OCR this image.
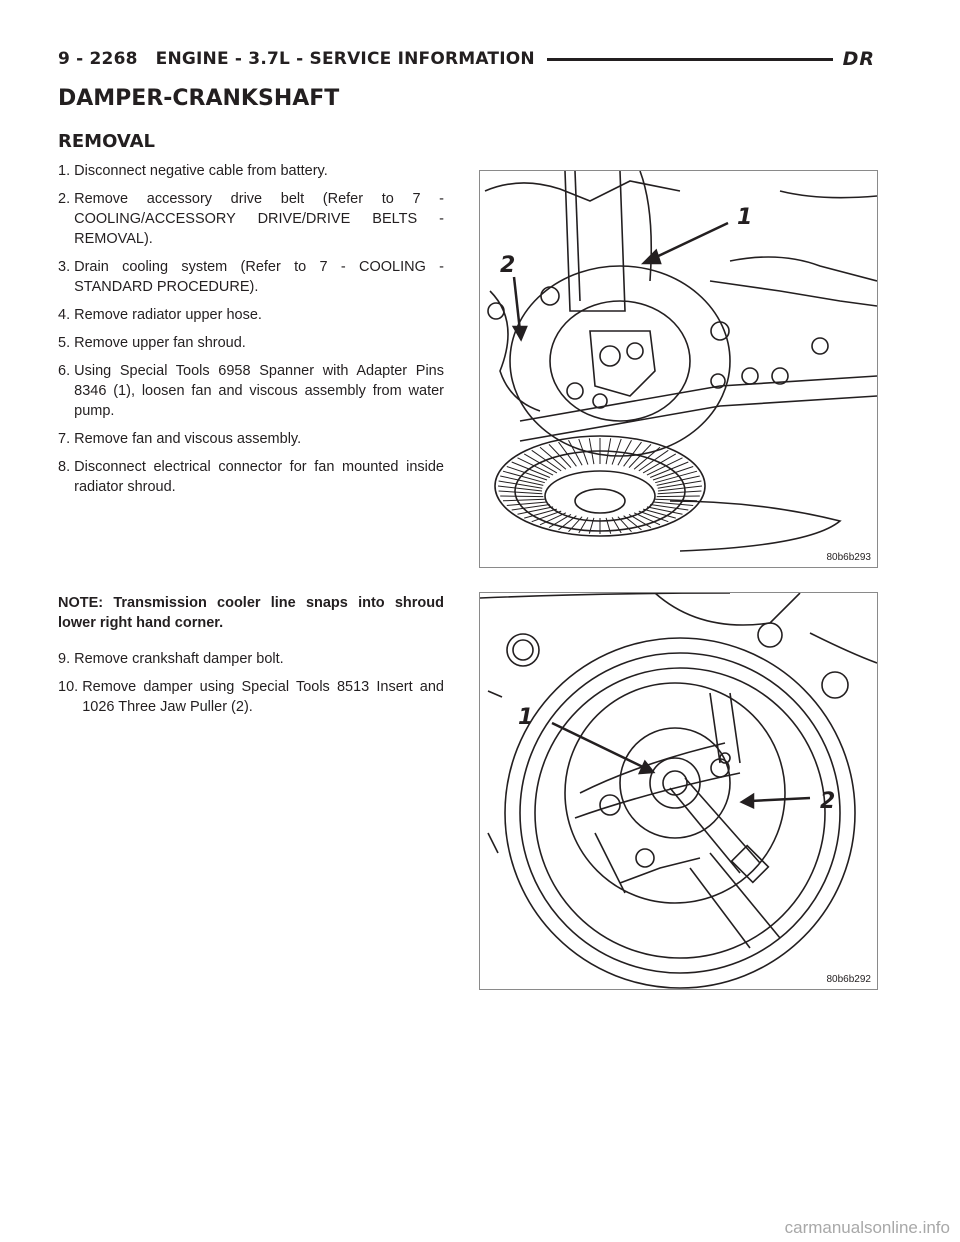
9 - 2268 ENGINE - 3.7L - SERVICE INFORMATION	DR
DAMPER-CRANKSHAFT
REMOVAL
1.
Disconnect negative cable from battery.
2.
Remove accessory drive belt (Refer to 7 - COOLING/ACCESSORY DRIVE/DRIVE BELTS - REMOVAL).
3.
Drain cooling system (Refer to 7 - COOLING - STANDARD PROCEDURE).
4.
Remove radiator upper hose.
5.
Remove upper fan shroud.
6.
Using Special Tools 6958 Spanner with Adapter Pins 8346 (1), loosen fan and viscous assembly from water pump.
7.
Remove fan and viscous assembly.
8.
Disconnect electrical connector for fan mounted inside radiator shroud.

NOTE: Transmission cooler line snaps into shroud lower right hand corner.

9.
Remove crankshaft damper bolt.
10.
Remove damper using Special Tools 8513 Insert and 1026 Three Jaw Puller (2).
1
2
80b6b293
1
2
80b6b292
carmanualsonline.info
